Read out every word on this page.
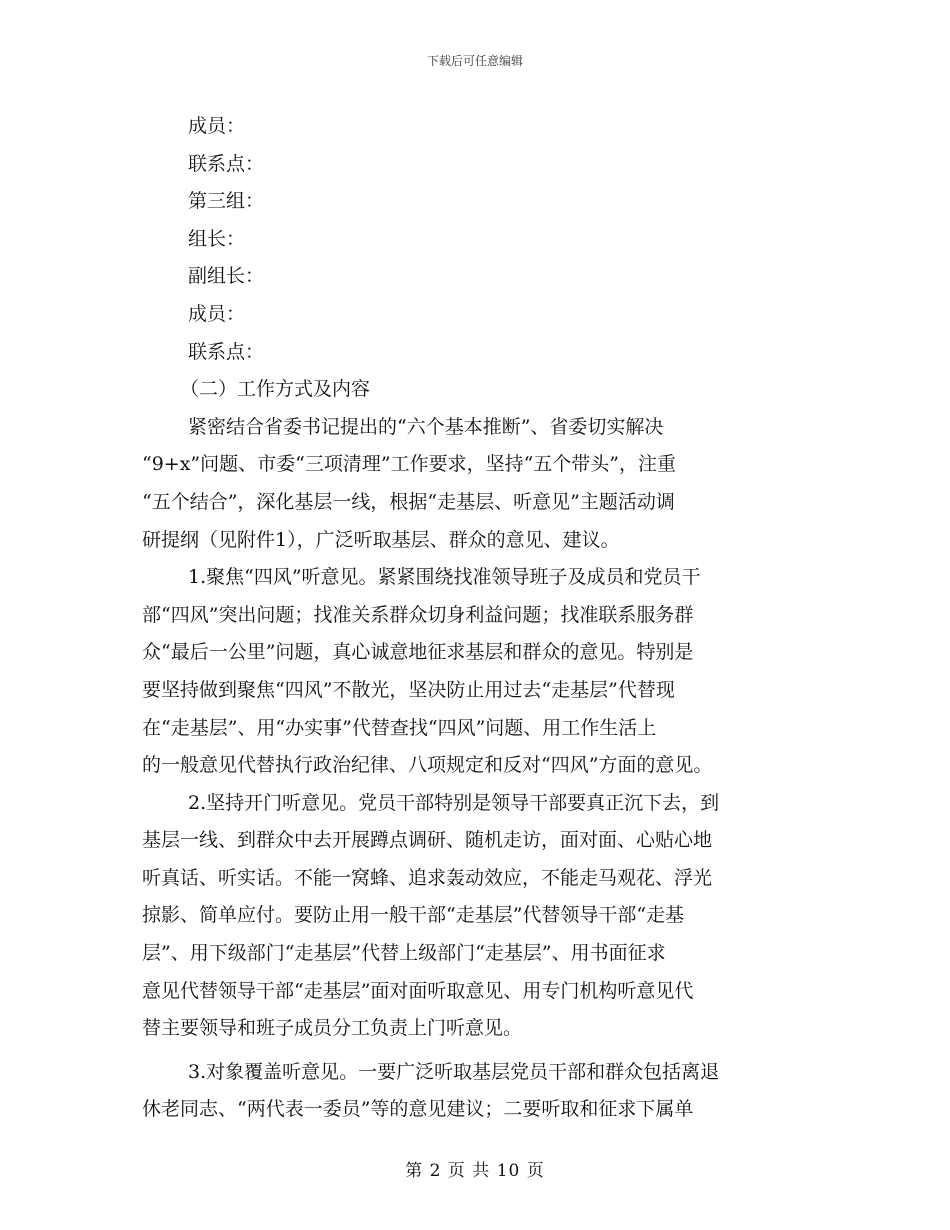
下载后可任意编辑
成员：
联系点：
第三组：
组长：
副组长：
成员：
联系点：
（二）工作方式及内容
紧密结合省委书记提出的“六个基本推断”、省委切实解决
“9+x”问题、市委“三项清理”工作要求，坚持“五个带头”，注重
“五个结合”，深化基层一线，根据“走基层、听意见”主题活动调
研提纲（见附件1），广泛听取基层、群众的意见、建议。
1.聚焦“四风”听意见。紧紧围绕找准领导班子及成员和党员干
部“四风”突出问题；找准关系群众切身利益问题；找准联系服务群
众“最后一公里”问题，真心诚意地征求基层和群众的意见。特别是
要坚持做到聚焦“四风”不散光，坚决防止用过去“走基层”代替现
在“走基层”、用“办实事”代替查找“四风”问题、用工作生活上
的一般意见代替执行政治纪律、八项规定和反对“四风”方面的意见。
2.坚持开门听意见。党员干部特别是领导干部要真正沉下去，到
基层一线、到群众中去开展蹲点调研、随机走访，面对面、心贴心地
听真话、听实话。不能一窝蜂、追求轰动效应，不能走马观花、浮光
掠影、简单应付。要防止用一般干部“走基层”代替领导干部“走基
层”、用下级部门“走基层”代替上级部门“走基层”、用书面征求
意见代替领导干部“走基层”面对面听取意见、用专门机构听意见代
替主要领导和班子成员分工负责上门听意见。
3.对象覆盖听意见。一要广泛听取基层党员干部和群众包括离退
休老同志、“两代表一委员”等的意见建议；二要听取和征求下属单
第 2 页 共 10 页
